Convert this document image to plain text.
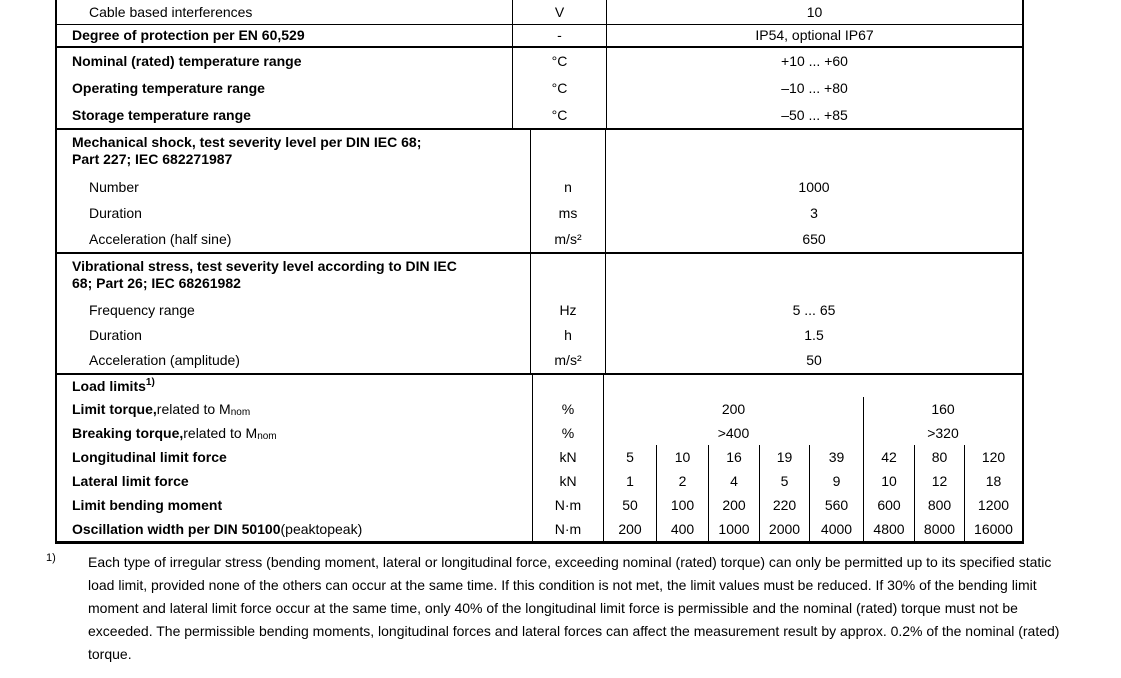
Cable based interferences	V	10
Degree of protection per EN 60,529	-	IP54, optional IP67
Nominal (rated) temperature range	°C	+10 ... +60
Operating temperature range	°C	–10 ... +80
Storage temperature range	°C	–50 ... +85
Mechanical shock, test severity level per DIN IEC 68;
Part 227; IEC 682271987
Number	n	1000
Duration	ms	3
Acceleration (half sine)	m/s²	650
Vibrational stress, test severity level according to DIN IEC
68; Part 26; IEC 68261982
Frequency range	Hz	5 ... 65
Duration	h	1.5
Acceleration (amplitude)	m/s²	50
Load limits 1)
Limit torque, related to M nom	%	200	160
Breaking torque, related to M nom	%	>400	>320
Longitudinal limit force	kN	5	10	16	19	39	42	80	120
Lateral limit force	kN	1	2	4	5	9	10	12	18
Limit bending moment	N·m	50	100	200	220	560	600	800	1200
Oscillation width per DIN 50100 (peaktopeak)	N·m	200	400	1000	2000	4000	4800	8000	16000
1) Each type of irregular stress (bending moment, lateral or longitudinal force, exceeding nominal (rated) torque) can only be permitted up to its specified static load limit, provided none of the others can occur at the same time. If this condition is not met, the limit values must be reduced. If 30% of the bending limit moment and lateral limit force occur at the same time, only 40% of the longitudinal limit force is permissible and the nominal (rated) torque must not be exceeded. The permissible bending moments, longitudinal forces and lateral forces can affect the measurement result by approx. 0.2% of the nominal (rated) torque.
